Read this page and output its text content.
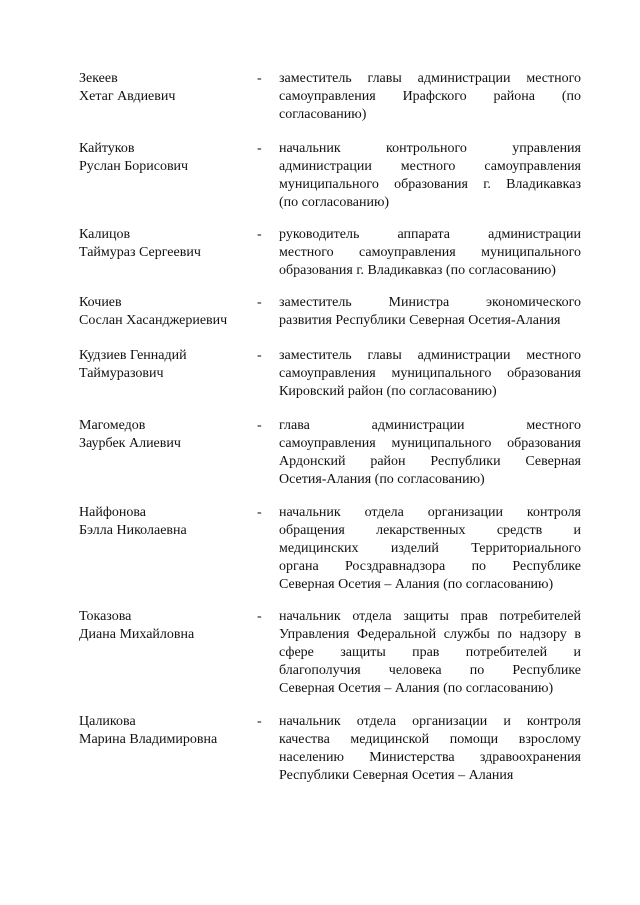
Зекеев
Хетаг Авдиевич
- заместитель главы администрации местного
самоуправления Ирафского района (по
согласованию)
Кайтуков
Руслан Борисович
- начальник контрольного управления
администрации местного самоуправления
муниципального образования г. Владикавказ
(по согласованию)
Калицов
Таймураз Сергеевич
- руководитель аппарата администрации
местного самоуправления муниципального
образования г. Владикавказ (по согласованию)
Кочиев
Сослан Хасанджериевич
- заместитель Министра экономического
развития Республики Северная Осетия-Алания
Кудзиев Геннадий
Таймуразович
- заместитель главы администрации местного
самоуправления муниципального образования
Кировский район (по согласованию)
Магомедов
Заурбек Алиевич
- глава администрации местного
самоуправления муниципального образования
Ардонский район Республики Северная
Осетия-Алания (по согласованию)
Найфонова
Бэлла Николаевна
- начальник отдела организации контроля
обращения лекарственных средств и
медицинских изделий Территориального
органа Росздравнадзора по Республике
Северная Осетия – Алания (по согласованию)
Токазова
Диана Михайловна
- начальник отдела защиты прав потребителей
Управления Федеральной службы по надзору в
сфере защиты прав потребителей и
благополучия человека по Республике
Северная Осетия – Алания (по согласованию)
Цаликова
Марина Владимировна
- начальник отдела организации и контроля
качества медицинской помощи взрослому
населению Министерства здравоохранения
Республики Северная Осетия – Алания
